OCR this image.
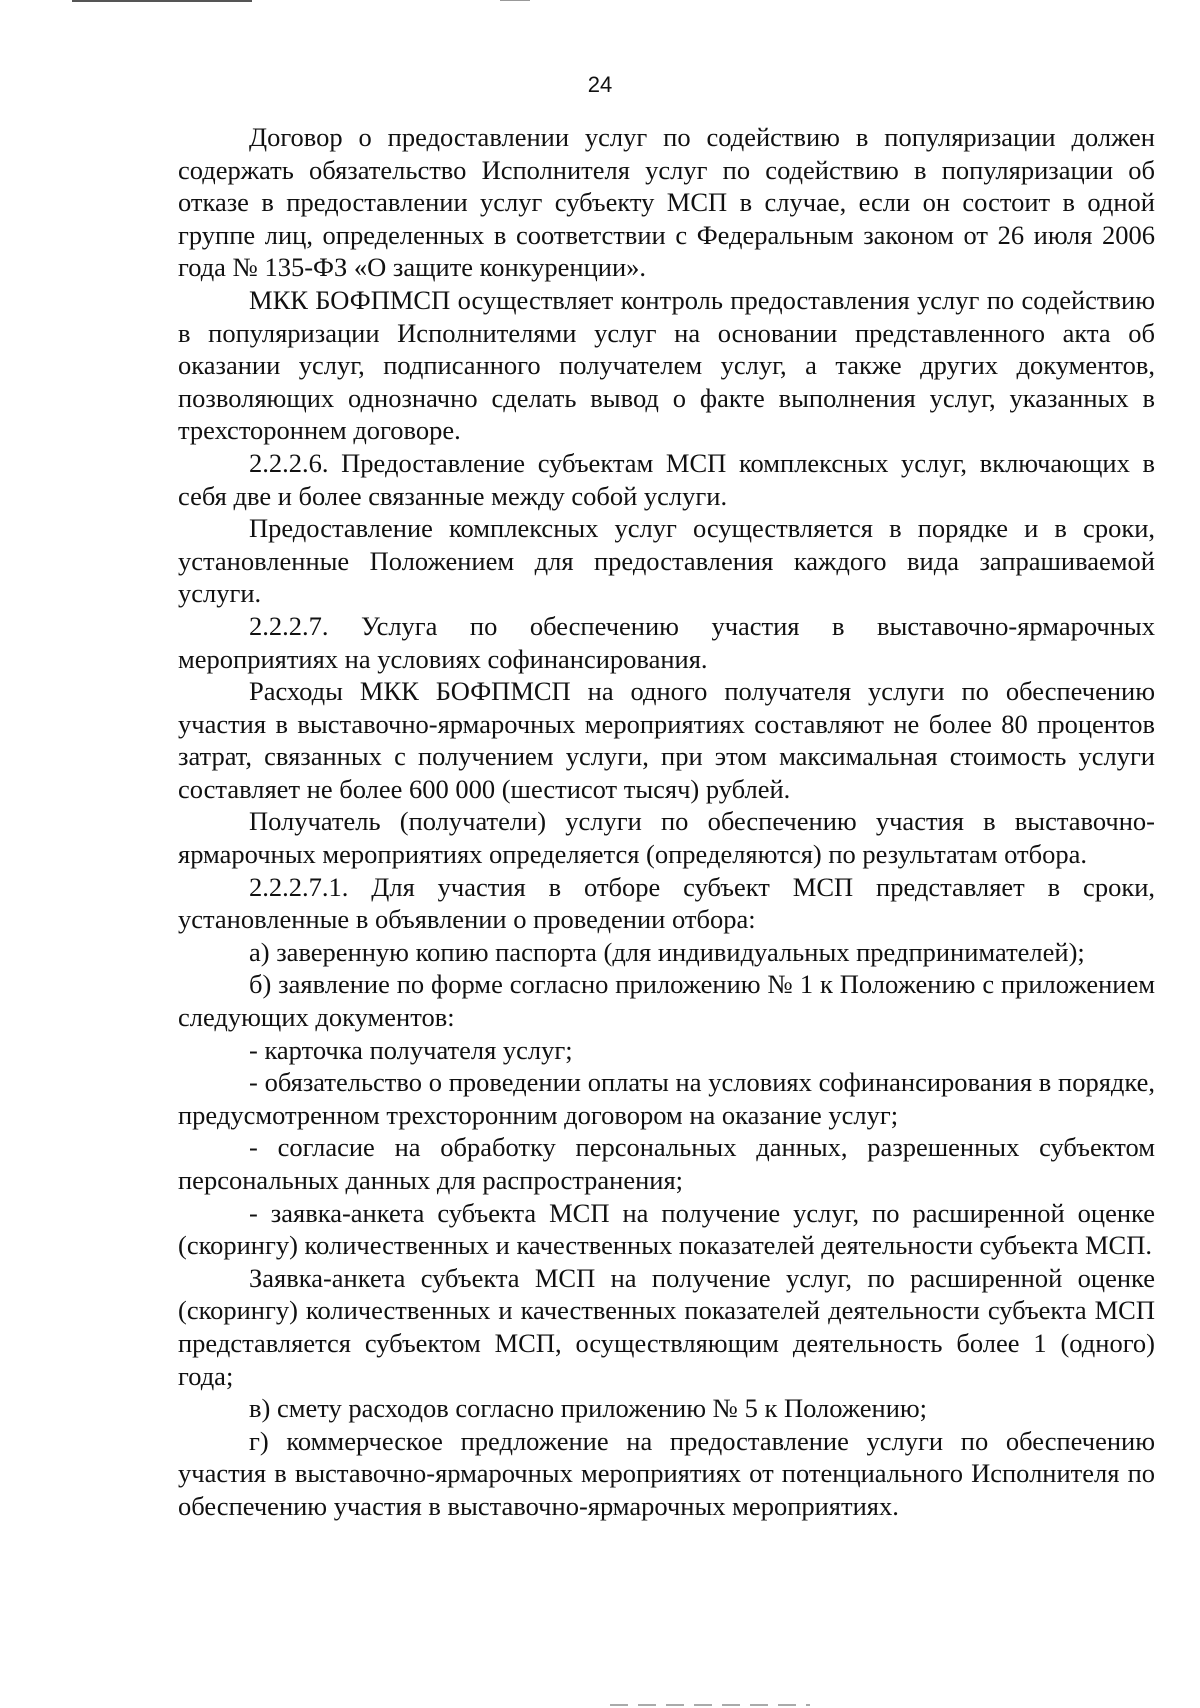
24

Договор о предоставлении услуг по содействию в популяризации должен содержать обязательство Исполнителя услуг по содействию в популяризации об отказе в предоставлении услуг субъекту МСП в случае, если он состоит в одной группе лиц, определенных в соответствии с Федеральным законом от 26 июля 2006 года № 135-ФЗ «О защите конкуренции».

МКК БОФПМСП осуществляет контроль предоставления услуг по содействию в популяризации Исполнителями услуг на основании представленного акта об оказании услуг, подписанного получателем услуг, а также других документов, позволяющих однозначно сделать вывод о факте выполнения услуг, указанных в трехстороннем договоре.

2.2.2.6. Предоставление субъектам МСП комплексных услуг, включающих в себя две и более связанные между собой услуги.

Предоставление комплексных услуг осуществляется в порядке и в сроки, установленные Положением для предоставления каждого вида запрашиваемой услуги.

2.2.2.7. Услуга по обеспечению участия в выставочно-ярмарочных мероприятиях на условиях софинансирования.

Расходы МКК БОФПМСП на одного получателя услуги по обеспечению участия в выставочно-ярмарочных мероприятиях составляют не более 80 процентов затрат, связанных с получением услуги, при этом максимальная стоимость услуги составляет не более 600 000 (шестисот тысяч) рублей.

Получатель (получатели) услуги по обеспечению участия в выставочно-ярмарочных мероприятиях определяется (определяются) по результатам отбора.

2.2.2.7.1. Для участия в отборе субъект МСП представляет в сроки, установленные в объявлении о проведении отбора:

а) заверенную копию паспорта (для индивидуальных предпринимателей);

б) заявление по форме согласно приложению № 1 к Положению с приложением следующих документов:

- карточка получателя услуг;

- обязательство о проведении оплаты на условиях софинансирования в порядке, предусмотренном трехсторонним договором на оказание услуг;

- согласие на обработку персональных данных, разрешенных субъектом персональных данных для распространения;

- заявка-анкета субъекта МСП на получение услуг, по расширенной оценке (скорингу) количественных и качественных показателей деятельности субъекта МСП.

Заявка-анкета субъекта МСП на получение услуг, по расширенной оценке (скорингу) количественных и качественных показателей деятельности субъекта МСП представляется субъектом МСП, осуществляющим деятельность более 1 (одного) года;

в) смету расходов согласно приложению № 5 к Положению;

г) коммерческое предложение на предоставление услуги по обеспечению участия в выставочно-ярмарочных мероприятиях от потенциального Исполнителя по обеспечению участия в выставочно-ярмарочных мероприятиях.
